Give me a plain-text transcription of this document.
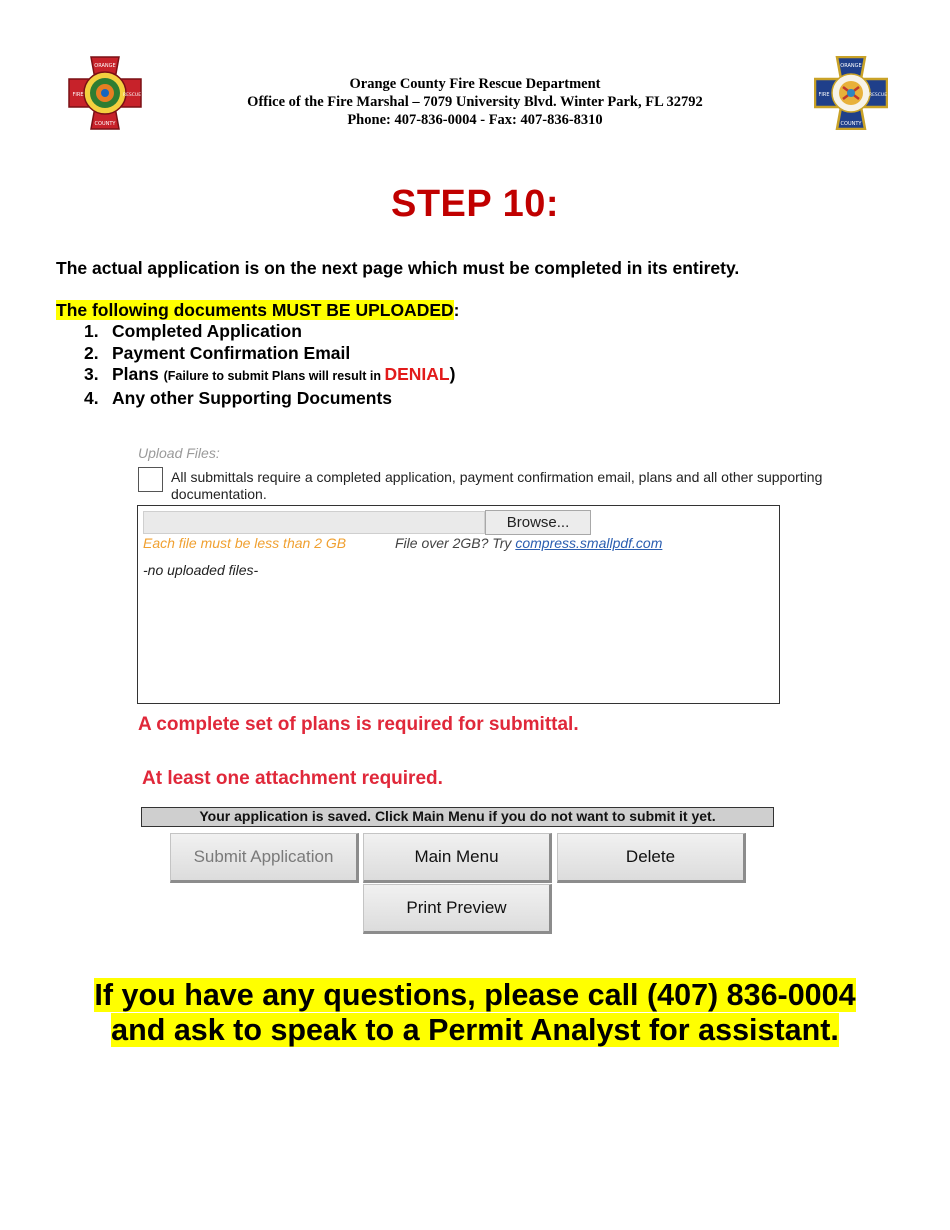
ORANGE
FIRE	RESCUE
COUNTY
ORANGE
FIRE	RESCUE
COUNTY
Orange County Fire Rescue Department
Office of the Fire Marshal – 7079 University Blvd. Winter Park, FL 32792
Phone: 407-836-0004 - Fax: 407-836-8310
STEP 10:
The actual application is on the next page which must be completed in its entirety.
The following documents MUST BE UPLOADED:
1. Completed Application
2. Payment Confirmation Email
3. Plans (Failure to submit Plans will result in DENIAL)
4. Any other Supporting Documents
Upload Files:
All submittals require a completed application, payment confirmation email, plans and all other supporting documentation.
Browse...
Each file must be less than 2 GB	File over 2GB? Try compress.smallpdf.com
-no uploaded files-
A complete set of plans is required for submittal.
At least one attachment required.
Your application is saved. Click Main Menu if you do not want to submit it yet.
Submit Application	Main Menu	Delete
Print Preview
If you have any questions, please call (407) 836-0004
and ask to speak to a Permit Analyst for assistant.
